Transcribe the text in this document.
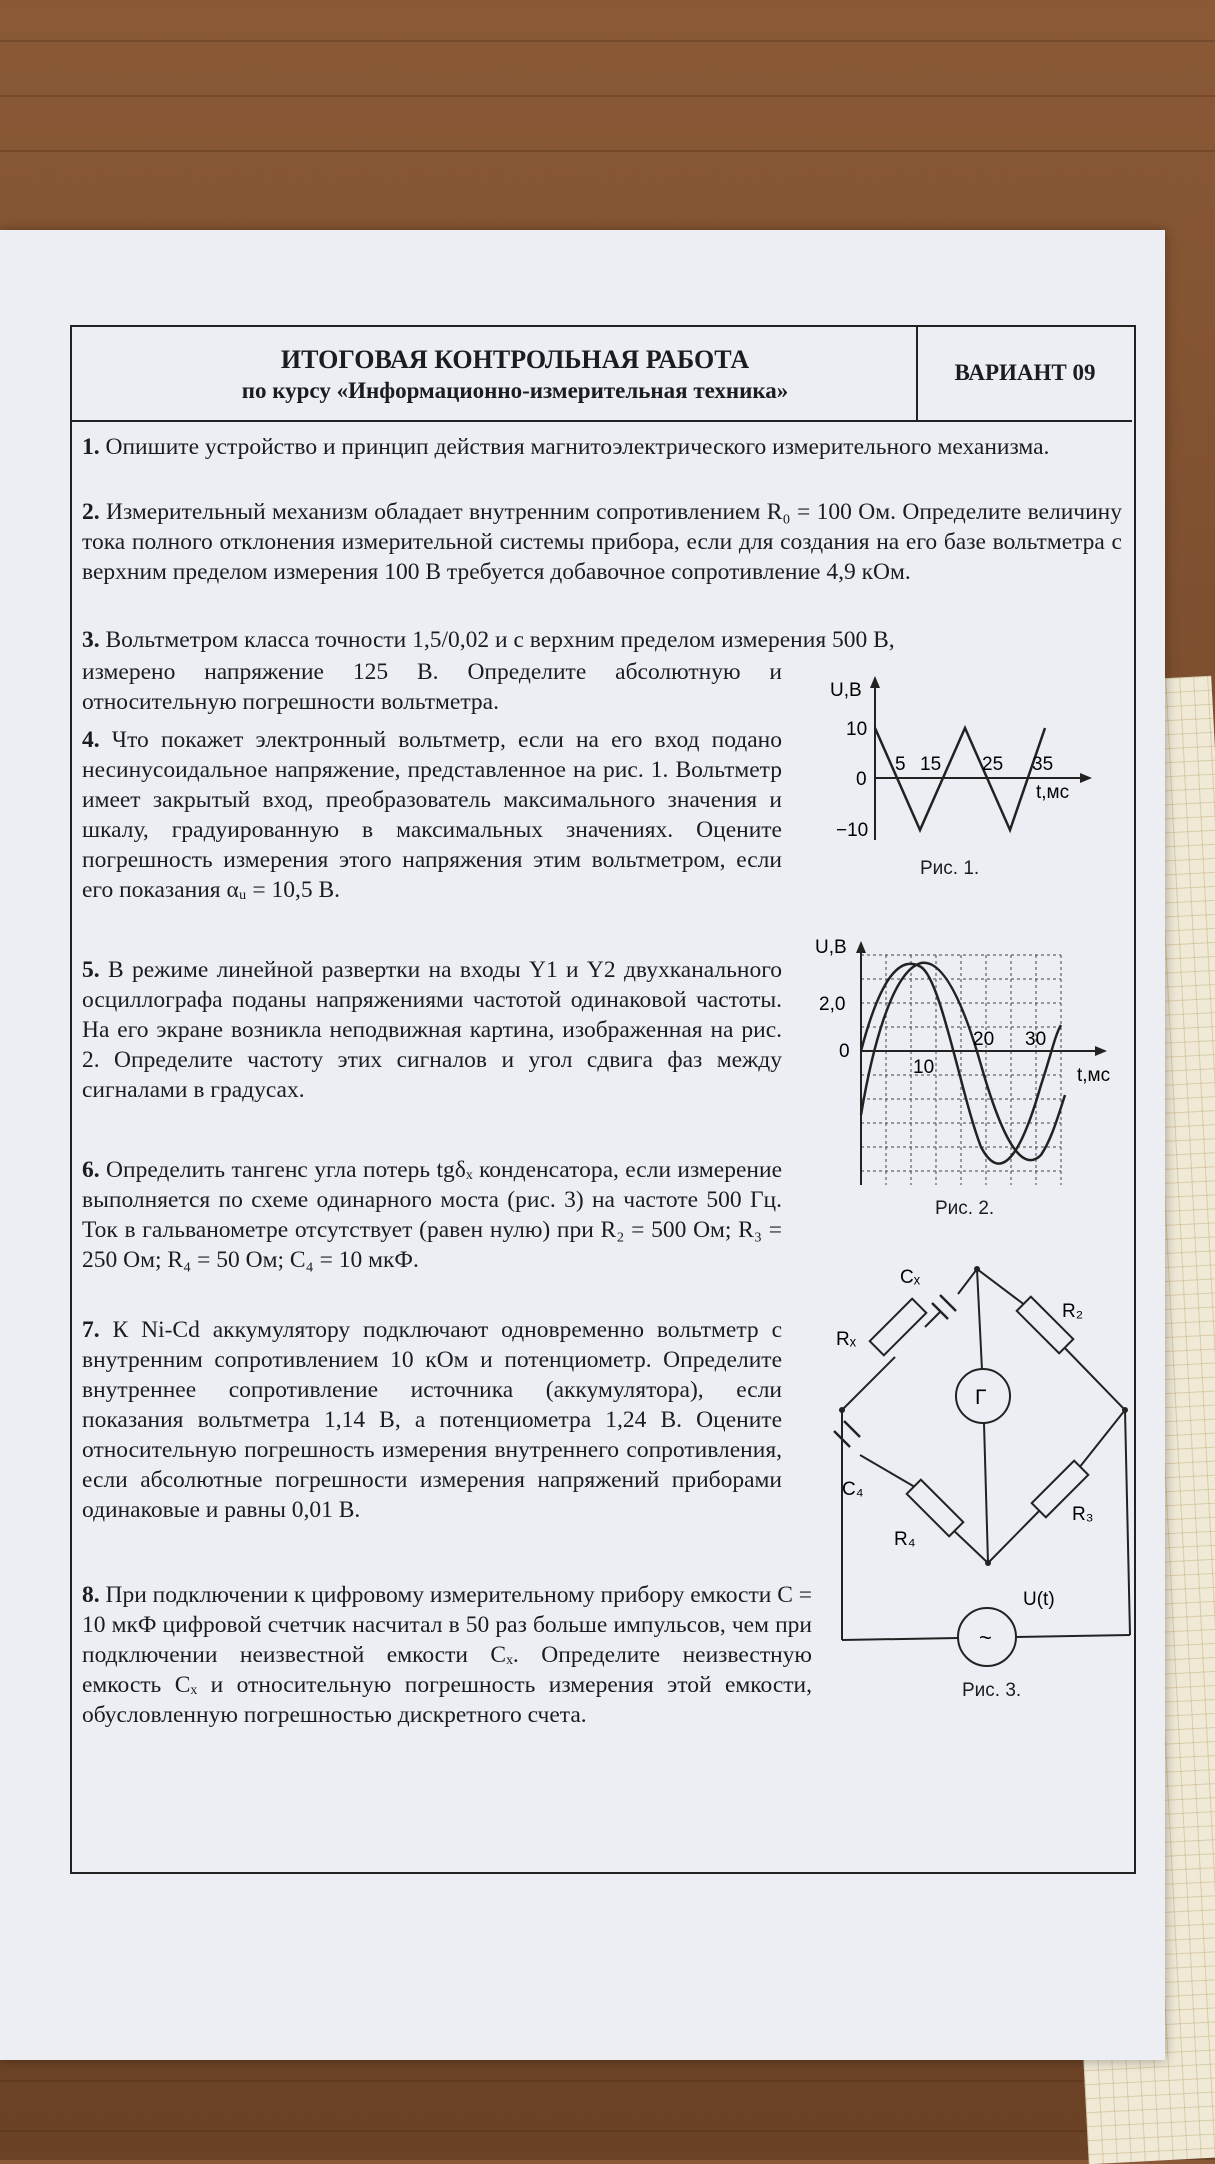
ИТОГОВАЯ КОНТРОЛЬНАЯ РАБОТА
по курсу «Информационно-измерительная техника»
ВАРИАНТ 09
1. Опишите устройство и принцип действия магнитоэлектрического измерительного механизма.
2. Измерительный механизм обладает внутренним сопротивлением R₀ = 100 Ом. Определите величину тока полного отклонения измерительной системы прибора, если для создания на его базе вольтметра с верхним пределом измерения 100 В требуется добавочное сопротивление 4,9 кОм.
3. Вольтметром класса точности 1,5/0,02 и с верхним пределом измерения 500 В,
измерено напряжение 125 В. Определите абсолютную и относительную погрешности вольтметра.
4. Что покажет электронный вольтметр, если на его вход подано несинусоидальное напряжение, представленное на рис. 1. Вольтметр имеет закрытый вход, преобразователь максимального значения и шкалу, градуированную в максимальных значениях. Оцените погрешность измерения этого напряжения этим вольтметром, если его показания αᵤ = 10,5 В.
5. В режиме линейной развертки на входы Y1 и Y2 двухканального осциллографа поданы напряжениями частотой одинаковой частоты. На его экране возникла неподвижная картина, изображенная на рис. 2. Определите частоту этих сигналов и угол сдвига фаз между сигналами в градусах.
6. Определить тангенс угла потерь tgδₓ конденсатора, если измерение выполняется по схеме одинарного моста (рис. 3) на частоте 500 Гц. Ток в гальванометре отсутствует (равен нулю) при R₂ = 500 Ом; R₃ = 250 Ом; R₄ = 50 Ом; C₄ = 10 мкФ.
7. К Ni-Cd аккумулятору подключают одновременно вольтметр с внутренним сопротивлением 10 кОм и потенциометр. Определите внутреннее сопротивление источника (аккумулятора), если показания вольтметра 1,14 В, а потенциометра 1,24 В. Оцените относительную погрешность измерения внутреннего сопротивления, если абсолютные погрешности измерения напряжений приборами одинаковые и равны 0,01 В.
8. При подключении к цифровому измерительному прибору емкости C = 10 мкФ цифровой счетчик насчитал в 50 раз больше импульсов, чем при подключении неизвестной емкости Cₓ. Определите неизвестную емкость Cₓ и относительную погрешность измерения этой емкости, обусловленную погрешностью дискретного счета.
U,B
10
0
−10
5 15 25 35
t,мс
Рис. 1.
U,B
2,0
0
10
20 30
t,мс
Рис. 2.
Cₓ
Rₓ
R₂
C₄
R₄
R₃
Г
U(t)
~
Рис. 3.
